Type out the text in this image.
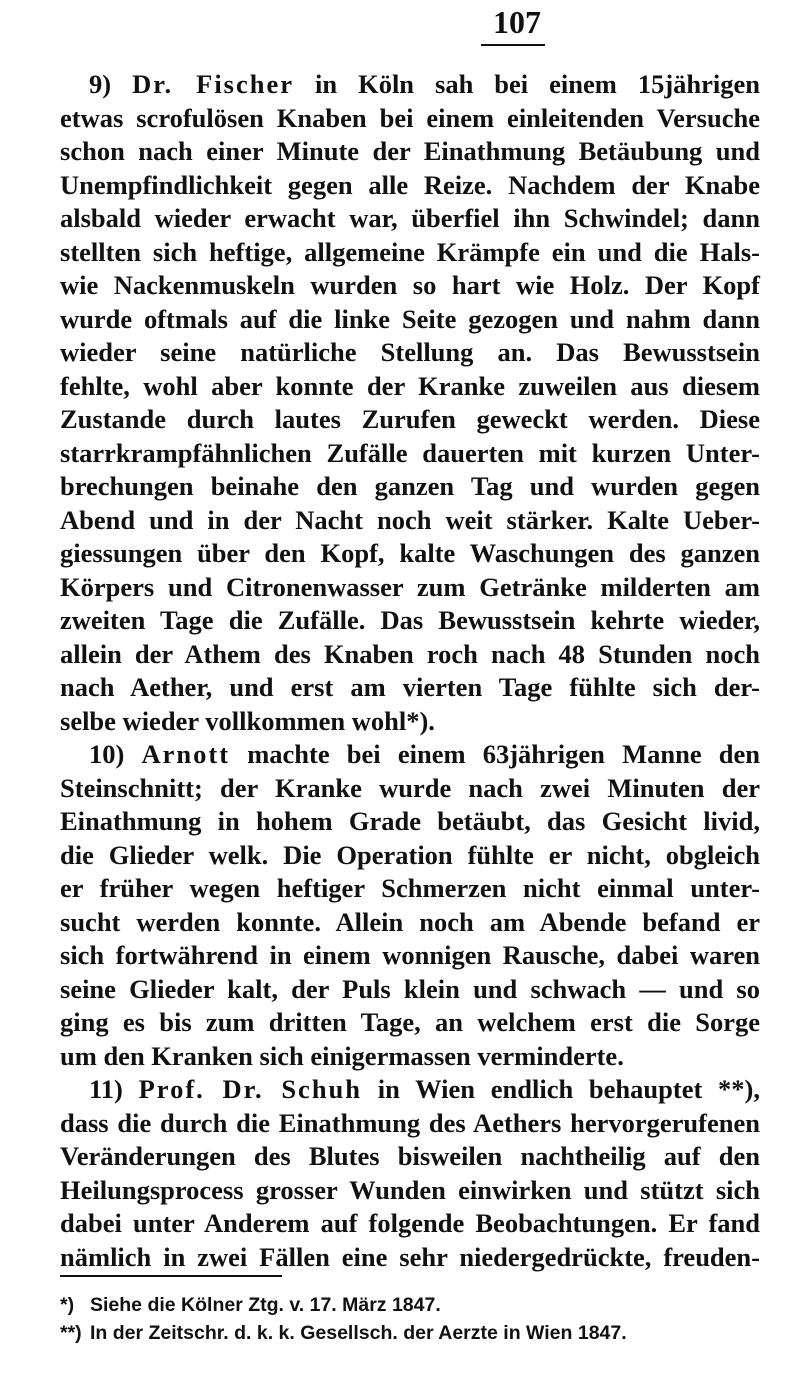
107
9) Dr. Fischer in Köln sah bei einem 15jährigen
etwas scrofulösen Knaben bei einem einleitenden Versuche
schon nach einer Minute der Einathmung Betäubung und
Unempfindlichkeit gegen alle Reize. Nachdem der Knabe
alsbald wieder erwacht war, überfiel ihn Schwindel; dann
stellten sich heftige, allgemeine Krämpfe ein und die Hals-
wie Nackenmuskeln wurden so hart wie Holz. Der Kopf
wurde oftmals auf die linke Seite gezogen und nahm dann
wieder seine natürliche Stellung an. Das Bewusstsein
fehlte, wohl aber konnte der Kranke zuweilen aus diesem
Zustande durch lautes Zurufen geweckt werden. Diese
starrkrampfähnlichen Zufälle dauerten mit kurzen Unter-
brechungen beinahe den ganzen Tag und wurden gegen
Abend und in der Nacht noch weit stärker. Kalte Ueber-
giessungen über den Kopf, kalte Waschungen des ganzen
Körpers und Citronenwasser zum Getränke milderten am
zweiten Tage die Zufälle. Das Bewusstsein kehrte wieder,
allein der Athem des Knaben roch nach 48 Stunden noch
nach Aether, und erst am vierten Tage fühlte sich der-
selbe wieder vollkommen wohl*).
10) Arnott machte bei einem 63jährigen Manne den
Steinschnitt; der Kranke wurde nach zwei Minuten der
Einathmung in hohem Grade betäubt, das Gesicht livid,
die Glieder welk. Die Operation fühlte er nicht, obgleich
er früher wegen heftiger Schmerzen nicht einmal unter-
sucht werden konnte. Allein noch am Abende befand er
sich fortwährend in einem wonnigen Rausche, dabei waren
seine Glieder kalt, der Puls klein und schwach — und so
ging es bis zum dritten Tage, an welchem erst die Sorge
um den Kranken sich einigermassen verminderte.
11) Prof. Dr. Schuh in Wien endlich behauptet **),
dass die durch die Einathmung des Aethers hervorgerufenen
Veränderungen des Blutes bisweilen nachtheilig auf den
Heilungsprocess grosser Wunden einwirken und stützt sich
dabei unter Anderem auf folgende Beobachtungen. Er fand
nämlich in zwei Fällen eine sehr niedergedrückte, freuden-
*) Siehe die Kölner Ztg. v. 17. März 1847.
**) In der Zeitschr. d. k. k. Gesellsch. der Aerzte in Wien 1847.
